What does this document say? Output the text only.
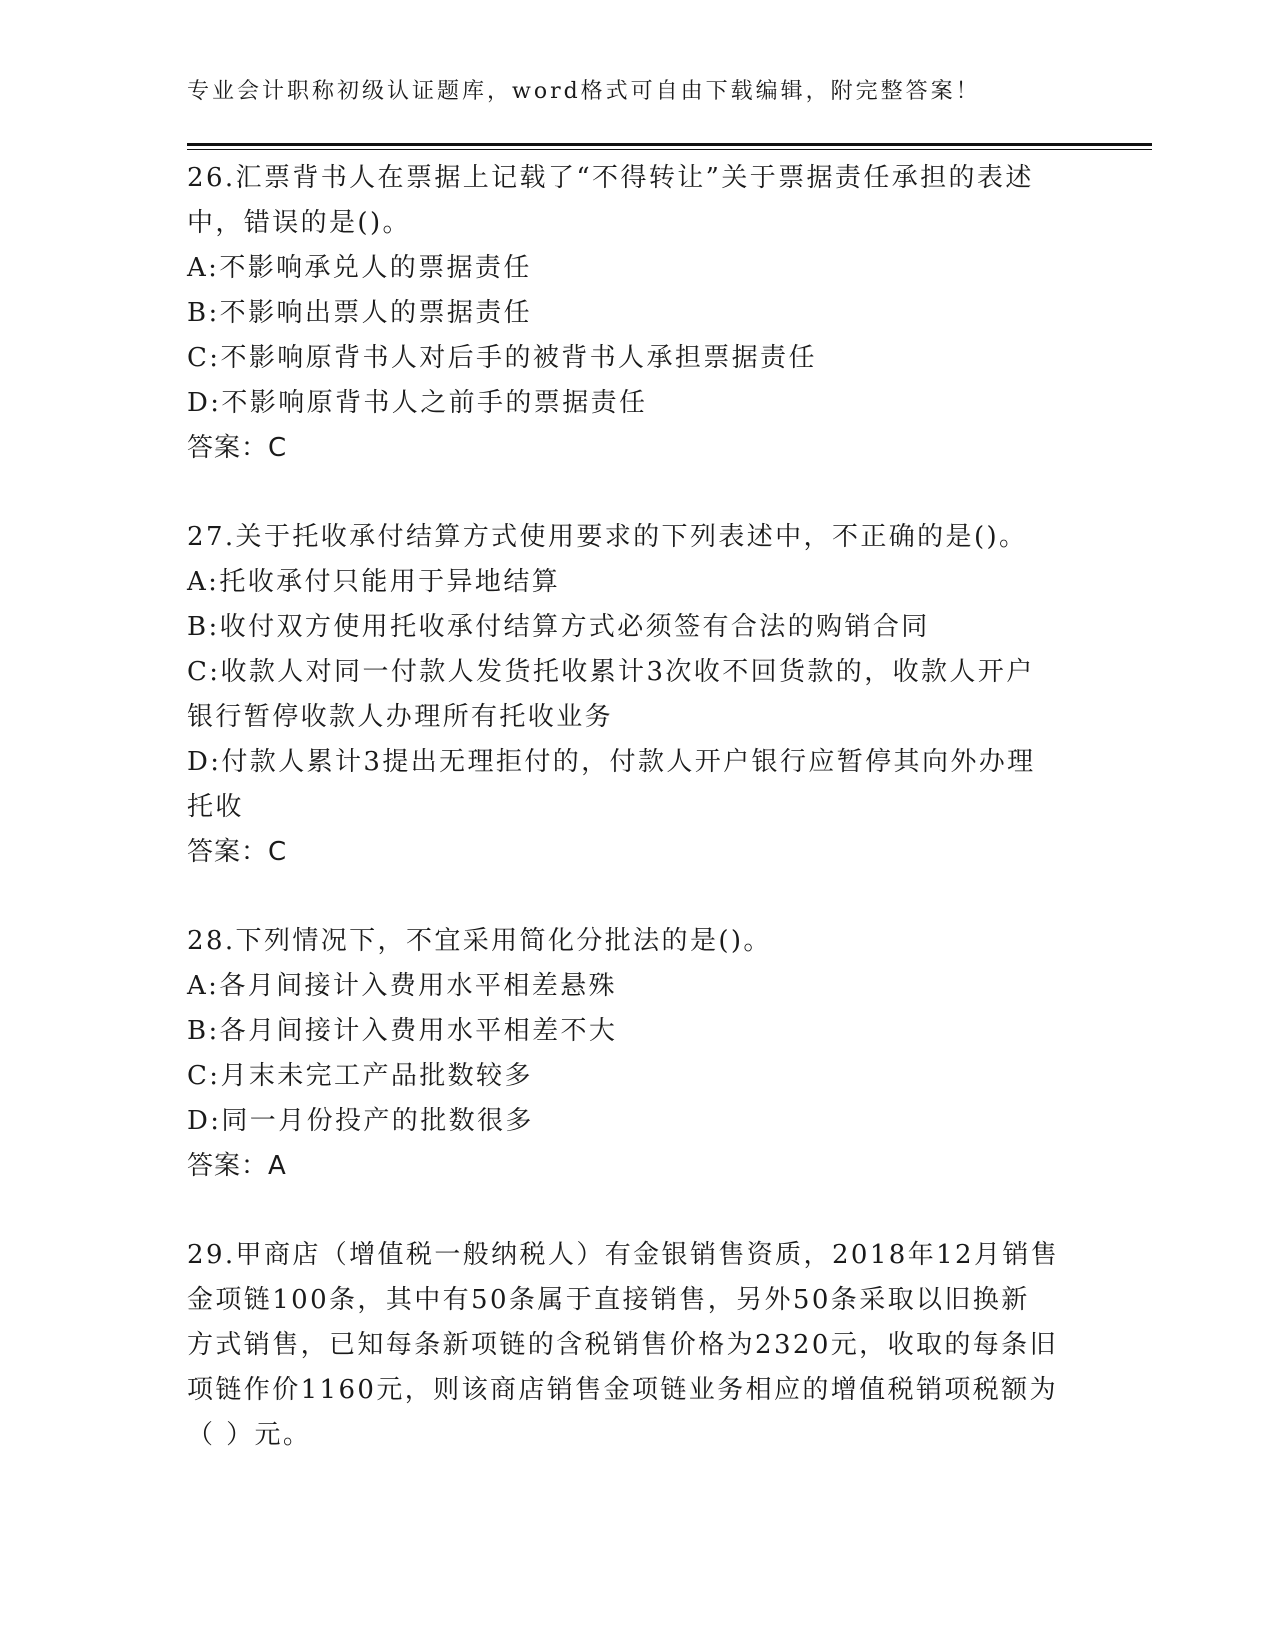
专业会计职称初级认证题库，word格式可自由下载编辑，附完整答案！
26.汇票背书人在票据上记载了“不得转让”关于票据责任承担的表述
中，错误的是()。
A:不影响承兑人的票据责任
B:不影响出票人的票据责任
C:不影响原背书人对后手的被背书人承担票据责任
D:不影响原背书人之前手的票据责任
答案：C
27.关于托收承付结算方式使用要求的下列表述中，不正确的是()。
A:托收承付只能用于异地结算
B:收付双方使用托收承付结算方式必须签有合法的购销合同
C:收款人对同一付款人发货托收累计3次收不回货款的，收款人开户
银行暂停收款人办理所有托收业务
D:付款人累计3提出无理拒付的，付款人开户银行应暂停其向外办理
托收
答案：C
28.下列情况下，不宜采用简化分批法的是()。
A:各月间接计入费用水平相差悬殊
B:各月间接计入费用水平相差不大
C:月末未完工产品批数较多
D:同一月份投产的批数很多
答案：A
29.甲商店（增值税一般纳税人）有金银销售资质，2018年12月销售
金项链100条，其中有50条属于直接销售，另外50条采取以旧换新
方式销售，已知每条新项链的含税销售价格为2320元，收取的每条旧
项链作价1160元，则该商店销售金项链业务相应的增值税销项税额为
（ ）元。
